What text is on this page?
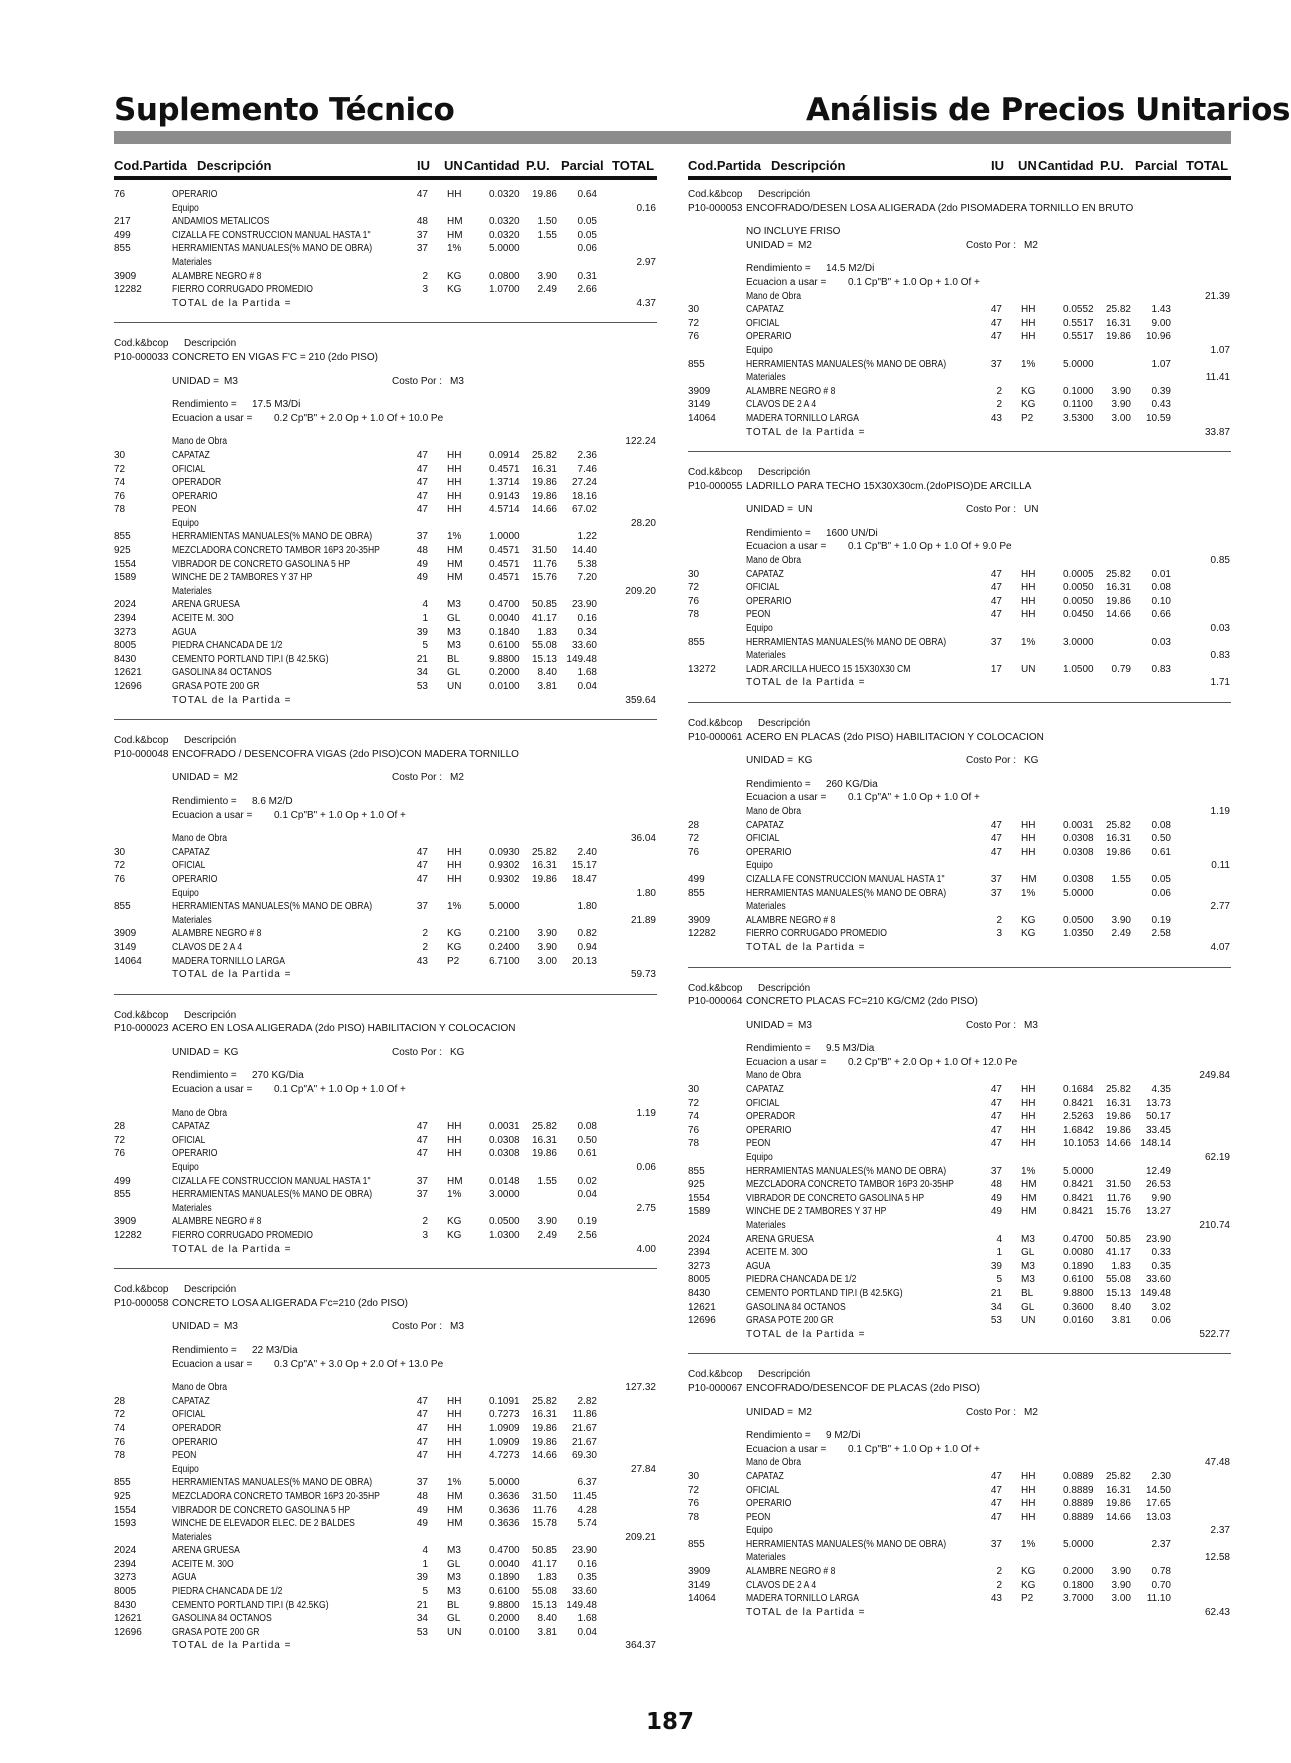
Suplemento Técnico	Análisis de Precios Unitarios
Cod.Partida Descripción	IU UN Cantidad P.U. Parcial TOTAL
76	OPERARIO	47 HH	0.0320 19.86 0.64
Equipo	0.16
217	ANDAMIOS METALICOS	48 HM	0.0320 1.50 0.05
499	CIZALLA FE CONSTRUCCION MANUAL HASTA 1"	37 HM	0.0320 1.55 0.05
855	HERRAMIENTAS MANUALES(% MANO DE OBRA)	37 1%	5.0000	0.06
Materiales	2.97
3909	ALAMBRE NEGRO # 8	2 KG	0.0800 3.90 0.31
12282	FIERRO CORRUGADO PROMEDIO	3 KG	1.0700 2.49 2.66
TOTAL de la Partida =	4.37
Cod.k&bcop Descripción
P10-000033 CONCRETO EN VIGAS F'C = 210 (2do PISO)
UNIDAD = M3	Costo Por : M3
Rendimiento = 17.5 M3/Di
Ecuacion a usar = 0.2 Cp"B" + 2.0 Op + 1.0 Of + 10.0 Pe
Mano de Obra	122.24
30	CAPATAZ	47 HH	0.0914 25.82 2.36
72	OFICIAL	47 HH	0.4571 16.31 7.46
74	OPERADOR	47 HH	1.3714 19.86 27.24
76	OPERARIO	47 HH	0.9143 19.86 18.16
78	PEON	47 HH	4.5714 14.66 67.02
Equipo	28.20
855	HERRAMIENTAS MANUALES(% MANO DE OBRA)	37 1%	1.0000	1.22
925	MEZCLADORA CONCRETO TAMBOR 16P3 20-35HP	48 HM	0.4571 31.50 14.40
1554	VIBRADOR DE CONCRETO GASOLINA 5 HP	49 HM	0.4571 11.76 5.38
1589	WINCHE DE 2 TAMBORES Y 37 HP	49 HM	0.4571 15.76 7.20
Materiales	209.20
2024	ARENA GRUESA	4 M3	0.4700 50.85 23.90
2394	ACEITE M. 30O	1 GL	0.0040 41.17 0.16
3273	AGUA	39 M3	0.1840 1.83 0.34
8005	PIEDRA CHANCADA DE 1/2	5 M3	0.6100 55.08 33.60
8430	CEMENTO PORTLAND TIP.I (B 42.5KG)	21 BL	9.8800 15.13 149.48
12621	GASOLINA 84 OCTANOS	34 GL	0.2000 8.40 1.68
12696	GRASA POTE 200 GR	53 UN	0.0100 3.81 0.04
TOTAL de la Partida =	359.64
Cod.k&bcop Descripción
P10-000048 ENCOFRADO / DESENCOFRA VIGAS (2do PISO)CON MADERA TORNILLO
UNIDAD = M2	Costo Por : M2
Rendimiento = 8.6 M2/D
Ecuacion a usar = 0.1 Cp"B" + 1.0 Op + 1.0 Of +
Mano de Obra	36.04
30	CAPATAZ	47 HH	0.0930 25.82 2.40
72	OFICIAL	47 HH	0.9302 16.31 15.17
76	OPERARIO	47 HH	0.9302 19.86 18.47
Equipo	1.80
855	HERRAMIENTAS MANUALES(% MANO DE OBRA)	37 1%	5.0000	1.80
Materiales	21.89
3909	ALAMBRE NEGRO # 8	2 KG	0.2100 3.90 0.82
3149	CLAVOS DE 2 A 4	2 KG	0.2400 3.90 0.94
14064	MADERA TORNILLO LARGA	43 P2	6.7100 3.00 20.13
TOTAL de la Partida =	59.73
Cod.k&bcop Descripción
P10-000023 ACERO EN LOSA ALIGERADA (2do PISO) HABILITACION Y COLOCACION
UNIDAD = KG	Costo Por : KG
Rendimiento = 270 KG/Dia
Ecuacion a usar = 0.1 Cp"A" + 1.0 Op + 1.0 Of +
Mano de Obra	1.19
28	CAPATAZ	47 HH	0.0031 25.82 0.08
72	OFICIAL	47 HH	0.0308 16.31 0.50
76	OPERARIO	47 HH	0.0308 19.86 0.61
Equipo	0.06
499	CIZALLA FE CONSTRUCCION MANUAL HASTA 1"	37 HM	0.0148 1.55 0.02
855	HERRAMIENTAS MANUALES(% MANO DE OBRA)	37 1%	3.0000	0.04
Materiales	2.75
3909	ALAMBRE NEGRO # 8	2 KG	0.0500 3.90 0.19
12282	FIERRO CORRUGADO PROMEDIO	3 KG	1.0300 2.49 2.56
TOTAL de la Partida =	4.00
Cod.k&bcop Descripción
P10-000058 CONCRETO LOSA ALIGERADA F'c=210 (2do PISO)
UNIDAD = M3	Costo Por : M3
Rendimiento = 22 M3/Dia
Ecuacion a usar = 0.3 Cp"A" + 3.0 Op + 2.0 Of + 13.0 Pe
Mano de Obra	127.32
28	CAPATAZ	47 HH	0.1091 25.82 2.82
72	OFICIAL	47 HH	0.7273 16.31 11.86
74	OPERADOR	47 HH	1.0909 19.86 21.67
76	OPERARIO	47 HH	1.0909 19.86 21.67
78	PEON	47 HH	4.7273 14.66 69.30
Equipo	27.84
855	HERRAMIENTAS MANUALES(% MANO DE OBRA)	37 1%	5.0000	6.37
925	MEZCLADORA CONCRETO TAMBOR 16P3 20-35HP	48 HM	0.3636 31.50 11.45
1554	VIBRADOR DE CONCRETO GASOLINA 5 HP	49 HM	0.3636 11.76 4.28
1593	WINCHE DE ELEVADOR ELEC. DE 2 BALDES	49 HM	0.3636 15.78 5.74
Materiales	209.21
2024	ARENA GRUESA	4 M3	0.4700 50.85 23.90
2394	ACEITE M. 30O	1 GL	0.0040 41.17 0.16
3273	AGUA	39 M3	0.1890 1.83 0.35
8005	PIEDRA CHANCADA DE 1/2	5 M3	0.6100 55.08 33.60
8430	CEMENTO PORTLAND TIP.I (B 42.5KG)	21 BL	9.8800 15.13 149.48
12621	GASOLINA 84 OCTANOS	34 GL	0.2000 8.40 1.68
12696	GRASA POTE 200 GR	53 UN	0.0100 3.81 0.04
TOTAL de la Partida =	364.37
Cod.Partida Descripción	IU UN Cantidad P.U. Parcial TOTAL
Cod.k&bcop Descripción
P10-000053 ENCOFRADO/DESEN LOSA ALIGERADA (2do PISOMADERA TORNILLO EN BRUTO
NO INCLUYE FRISO
UNIDAD = M2	Costo Por : M2
Rendimiento = 14.5 M2/Di
Ecuacion a usar = 0.1 Cp"B" + 1.0 Op + 1.0 Of +
Mano de Obra	21.39
30	CAPATAZ	47 HH	0.0552 25.82 1.43
72	OFICIAL	47 HH	0.5517 16.31 9.00
76	OPERARIO	47 HH	0.5517 19.86 10.96
Equipo	1.07
855	HERRAMIENTAS MANUALES(% MANO DE OBRA)	37 1%	5.0000	1.07
Materiales	11.41
3909	ALAMBRE NEGRO # 8	2 KG	0.1000 3.90 0.39
3149	CLAVOS DE 2 A 4	2 KG	0.1100 3.90 0.43
14064	MADERA TORNILLO LARGA	43 P2	3.5300 3.00 10.59
TOTAL de la Partida =	33.87
Cod.k&bcop Descripción
P10-000055 LADRILLO PARA TECHO 15X30X30cm.(2doPISO)DE ARCILLA
UNIDAD = UN	Costo Por : UN
Rendimiento = 1600 UN/Di
Ecuacion a usar = 0.1 Cp"B" + 1.0 Op + 1.0 Of + 9.0 Pe
Mano de Obra	0.85
30	CAPATAZ	47 HH	0.0005 25.82 0.01
72	OFICIAL	47 HH	0.0050 16.31 0.08
76	OPERARIO	47 HH	0.0050 19.86 0.10
78	PEON	47 HH	0.0450 14.66 0.66
Equipo	0.03
855	HERRAMIENTAS MANUALES(% MANO DE OBRA)	37 1%	3.0000	0.03
Materiales	0.83
13272	LADR.ARCILLA HUECO 15 15X30X30 CM	17 UN	1.0500 0.79 0.83
TOTAL de la Partida =	1.71
Cod.k&bcop Descripción
P10-000061 ACERO EN PLACAS (2do PISO) HABILITACION Y COLOCACION
UNIDAD = KG	Costo Por : KG
Rendimiento = 260 KG/Dia
Ecuacion a usar = 0.1 Cp"A" + 1.0 Op + 1.0 Of +
Mano de Obra	1.19
28	CAPATAZ	47 HH	0.0031 25.82 0.08
72	OFICIAL	47 HH	0.0308 16.31 0.50
76	OPERARIO	47 HH	0.0308 19.86 0.61
Equipo	0.11
499	CIZALLA FE CONSTRUCCION MANUAL HASTA 1"	37 HM	0.0308 1.55 0.05
855	HERRAMIENTAS MANUALES(% MANO DE OBRA)	37 1%	5.0000	0.06
Materiales	2.77
3909	ALAMBRE NEGRO # 8	2 KG	0.0500 3.90 0.19
12282	FIERRO CORRUGADO PROMEDIO	3 KG	1.0350 2.49 2.58
TOTAL de la Partida =	4.07
Cod.k&bcop Descripción
P10-000064 CONCRETO PLACAS FC=210 KG/CM2 (2do PISO)
UNIDAD = M3	Costo Por : M3
Rendimiento = 9.5 M3/Dia
Ecuacion a usar = 0.2 Cp"B" + 2.0 Op + 1.0 Of + 12.0 Pe
Mano de Obra	249.84
30	CAPATAZ	47 HH	0.1684 25.82 4.35
72	OFICIAL	47 HH	0.8421 16.31 13.73
74	OPERADOR	47 HH	2.5263 19.86 50.17
76	OPERARIO	47 HH	1.6842 19.86 33.45
78	PEON	47 HH	10.1053 14.66 148.14
Equipo	62.19
855	HERRAMIENTAS MANUALES(% MANO DE OBRA)	37 1%	5.0000	12.49
925	MEZCLADORA CONCRETO TAMBOR 16P3 20-35HP	48 HM	0.8421 31.50 26.53
1554	VIBRADOR DE CONCRETO GASOLINA 5 HP	49 HM	0.8421 11.76 9.90
1589	WINCHE DE 2 TAMBORES Y 37 HP	49 HM	0.8421 15.76 13.27
Materiales	210.74
2024	ARENA GRUESA	4 M3	0.4700 50.85 23.90
2394	ACEITE M. 30O	1 GL	0.0080 41.17 0.33
3273	AGUA	39 M3	0.1890 1.83 0.35
8005	PIEDRA CHANCADA DE 1/2	5 M3	0.6100 55.08 33.60
8430	CEMENTO PORTLAND TIP.I (B 42.5KG)	21 BL	9.8800 15.13 149.48
12621	GASOLINA 84 OCTANOS	34 GL	0.3600 8.40 3.02
12696	GRASA POTE 200 GR	53 UN	0.0160 3.81 0.06
TOTAL de la Partida =	522.77
Cod.k&bcop Descripción
P10-000067 ENCOFRADO/DESENCOF DE PLACAS (2do PISO)
UNIDAD = M2	Costo Por : M2
Rendimiento = 9 M2/Di
Ecuacion a usar = 0.1 Cp"B" + 1.0 Op + 1.0 Of +
Mano de Obra	47.48
30	CAPATAZ	47 HH	0.0889 25.82 2.30
72	OFICIAL	47 HH	0.8889 16.31 14.50
76	OPERARIO	47 HH	0.8889 19.86 17.65
78	PEON	47 HH	0.8889 14.66 13.03
Equipo	2.37
855	HERRAMIENTAS MANUALES(% MANO DE OBRA)	37 1%	5.0000	2.37
Materiales	12.58
3909	ALAMBRE NEGRO # 8	2 KG	0.2000 3.90 0.78
3149	CLAVOS DE 2 A 4	2 KG	0.1800 3.90 0.70
14064	MADERA TORNILLO LARGA	43 P2	3.7000 3.00 11.10
TOTAL de la Partida =	62.43
187
